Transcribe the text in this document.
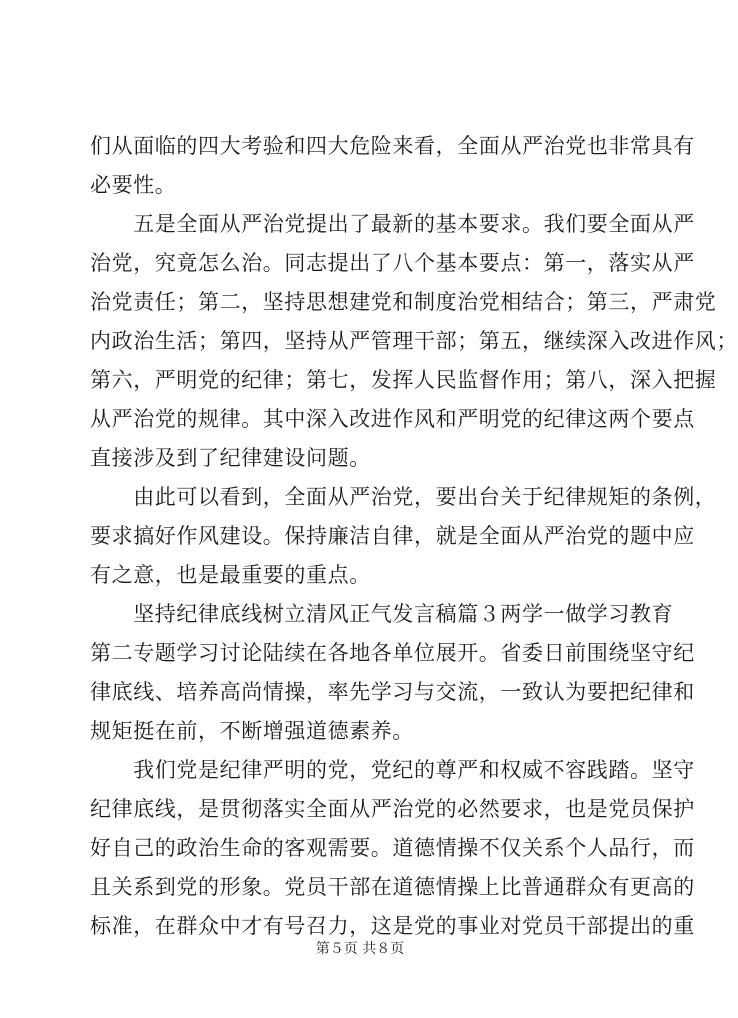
们从面临的四大考验和四大危险来看，全面从严治党也非常具有
必要性。
　　五是全面从严治党提出了最新的基本要求。我们要全面从严
治党，究竟怎么治。同志提出了八个基本要点：第一，落实从严
治党责任；第二，坚持思想建党和制度治党相结合；第三，严肃党
内政治生活；第四，坚持从严管理干部；第五，继续深入改进作风；
第六，严明党的纪律；第七，发挥人民监督作用；第八，深入把握
从严治党的规律。其中深入改进作风和严明党的纪律这两个要点
直接涉及到了纪律建设问题。
　　由此可以看到，全面从严治党，要出台关于纪律规矩的条例，
要求搞好作风建设。保持廉洁自律，就是全面从严治党的题中应
有之意，也是最重要的重点。
　　坚持纪律底线树立清风正气发言稿篇３两学一做学习教育
第二专题学习讨论陆续在各地各单位展开。省委日前围绕坚守纪
律底线、培养高尚情操，率先学习与交流，一致认为要把纪律和
规矩挺在前，不断增强道德素养。
　　我们党是纪律严明的党，党纪的尊严和权威不容践踏。坚守
纪律底线，是贯彻落实全面从严治党的必然要求，也是党员保护
好自己的政治生命的客观需要。道德情操不仅关系个人品行，而
且关系到党的形象。党员干部在道德情操上比普通群众有更高的
标准，在群众中才有号召力，这是党的事业对党员干部提出的重
第５页 共８页
